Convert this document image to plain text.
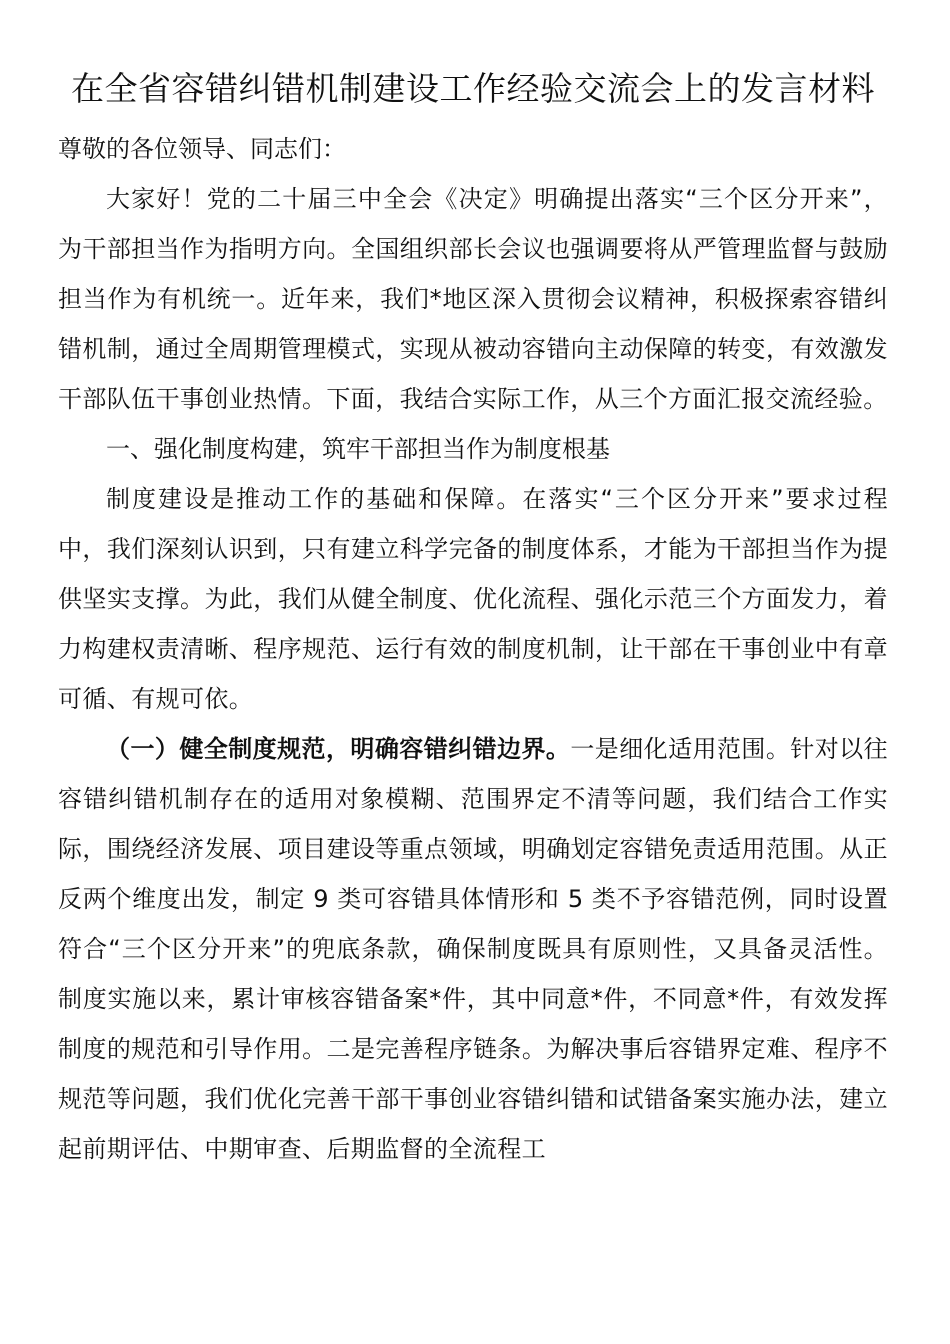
在全省容错纠错机制建设工作经验交流会上的发言材料

尊敬的各位领导、同志们：

大家好！党的二十届三中全会《决定》明确提出落实“三个区分开来”，为干部担当作为指明方向。全国组织部长会议也强调要将从严管理监督与鼓励担当作为有机统一。近年来，我们*地区深入贯彻会议精神，积极探索容错纠错机制，通过全周期管理模式，实现从被动容错向主动保障的转变，有效激发干部队伍干事创业热情。下面，我结合实际工作，从三个方面汇报交流经验。

一、强化制度构建，筑牢干部担当作为制度根基

制度建设是推动工作的基础和保障。在落实“三个区分开来”要求过程中，我们深刻认识到，只有建立科学完备的制度体系，才能为干部担当作为提供坚实支撑。为此，我们从健全制度、优化流程、强化示范三个方面发力，着力构建权责清晰、程序规范、运行有效的制度机制，让干部在干事创业中有章可循、有规可依。

（一）健全制度规范，明确容错纠错边界。一是细化适用范围。针对以往容错纠错机制存在的适用对象模糊、范围界定不清等问题，我们结合工作实际，围绕经济发展、项目建设等重点领域，明确划定容错免责适用范围。从正反两个维度出发，制定 9 类可容错具体情形和 5 类不予容错范例，同时设置符合“三个区分开来”的兜底条款，确保制度既具有原则性，又具备灵活性。制度实施以来，累计审核容错备案*件，其中同意*件，不同意*件，有效发挥制度的规范和引导作用。二是完善程序链条。为解决事后容错界定难、程序不规范等问题，我们优化完善干部干事创业容错纠错和试错备案实施办法，建立起前期评估、中期审查、后期监督的全流程工
